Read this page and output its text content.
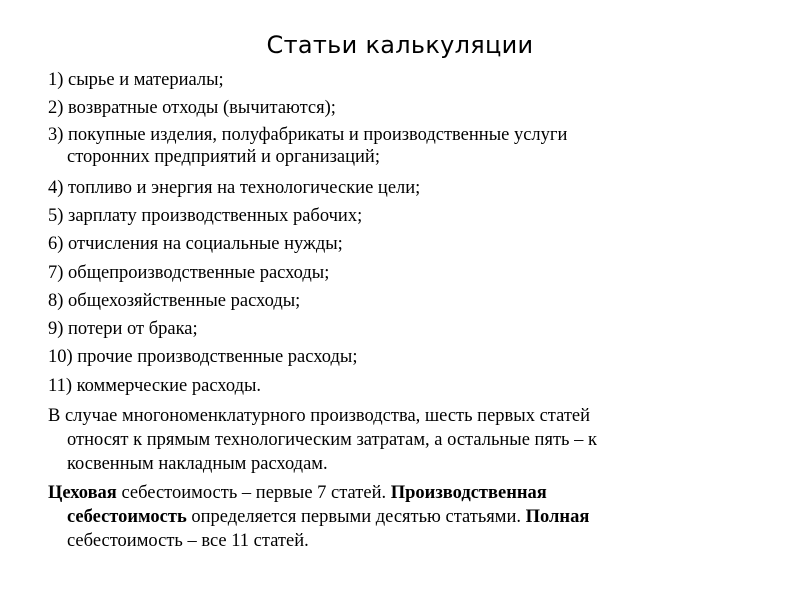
Статьи калькуляции
1) сырье и материалы;
2) возвратные отходы (вычитаются);
3) покупные изделия, полуфабрикаты и производственные услуги
сторонних предприятий и организаций;
4) топливо и энергия на технологические цели;
5) зарплату производственных рабочих;
6) отчисления на социальные нужды;
7) общепроизводственные расходы;
8) общехозяйственные расходы;
9) потери от брака;
10) прочие производственные расходы;
11) коммерческие расходы.
В случае многономенклатурного производства, шесть первых статей
относят к прямым технологическим затратам, а остальные пять – к
косвенным накладным расходам.
Цеховая себестоимость – первые 7 статей. Производственная
себестоимость определяется первыми десятью статьями. Полная
себестоимость – все 11 статей.
